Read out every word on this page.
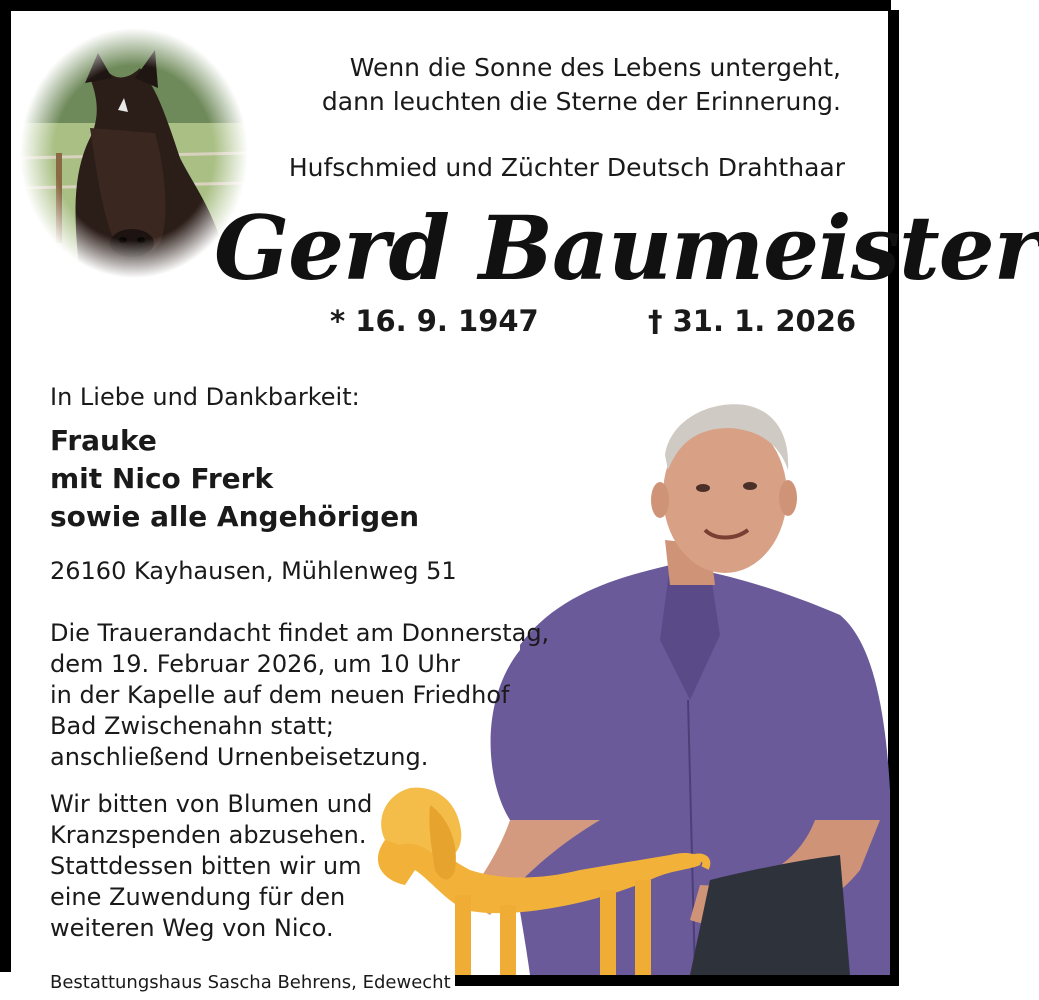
Wenn die Sonne des Lebens untergeht,
dann leuchten die Sterne der Erinnerung.
Hufschmied und Züchter Deutsch Drahthaar
Gerd Baumeister
* 16. 9. 1947	† 31. 1. 2026
In Liebe und Dankbarkeit:
Frauke
mit Nico Frerk
sowie alle Angehörigen
26160 Kayhausen, Mühlenweg 51
Die Trauerandacht findet am Donnerstag,
dem 19. Februar 2026, um 10 Uhr
in der Kapelle auf dem neuen Friedhof
Bad Zwischenahn statt;
anschließend Urnenbeisetzung.
Wir bitten von Blumen und
Kranzspenden abzusehen.
Stattdessen bitten wir um
eine Zuwendung für den
weiteren Weg von Nico.
Bestattungshaus Sascha Behrens, Edewecht
